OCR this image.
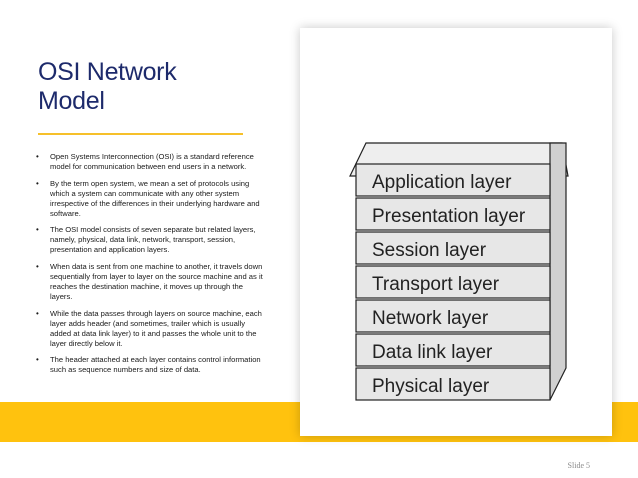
OSI Network
Model
• Open Systems Interconnection (OSI) is a standard reference model for communication between end users in a network.
• By the term open system, we mean a set of protocols using which a system can communicate with any other system irrespective of the differences in their underlying hardware and software.
• The OSI model consists of seven separate but related layers, namely, physical, data link, network, transport, session, presentation and application layers.
• When data is sent from one machine to another, it travels down sequentially from layer to layer on the source machine and as it reaches the destination machine, it moves up through the layers.
• While the data passes through layers on source machine, each layer adds header (and sometimes, trailer which is usually added at data link layer) to it and passes the whole unit to the layer directly below it.
• The header attached at each layer contains control information such as sequence numbers and size of data.
Application layer
Presentation layer
Session layer
Transport layer
Network layer
Data link layer
Physical layer
Slide 5
